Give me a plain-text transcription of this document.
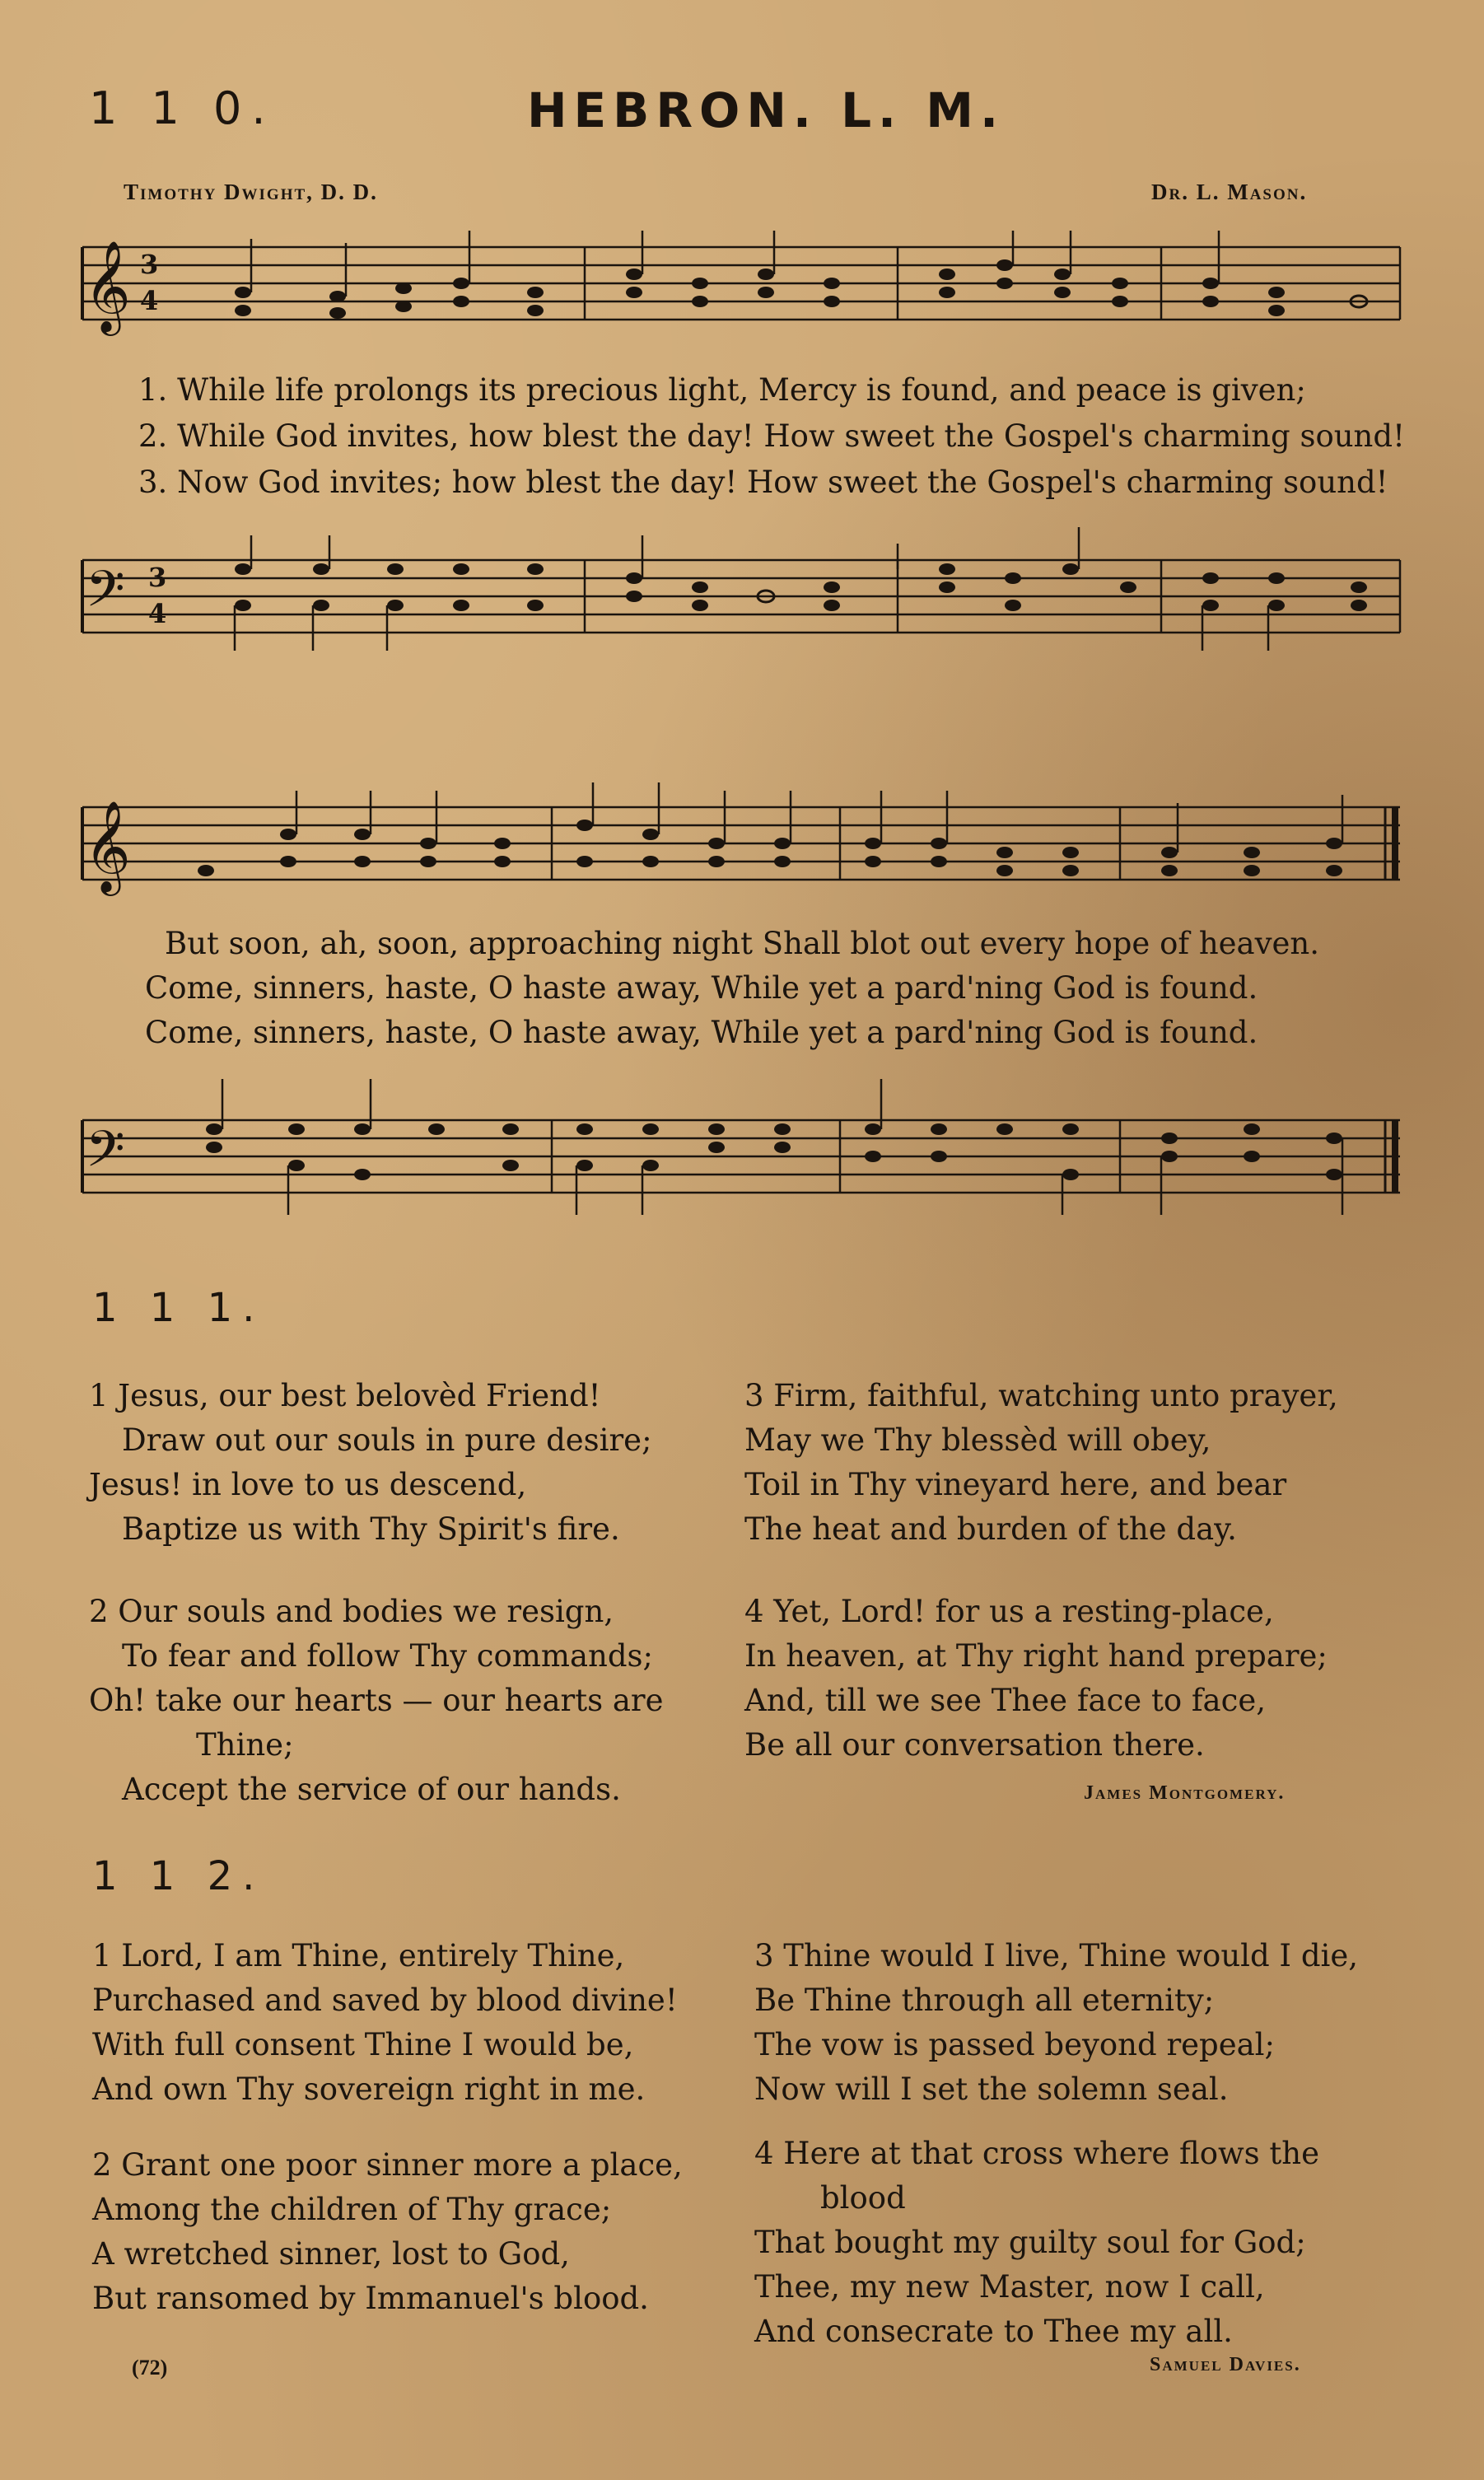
1 1 0.	HEBRON. L. M.
Timothy Dwight, D. D.	Dr. L. Mason.
𝄞 3
4
1. While life prolongs its precious light, Mercy is found, and peace is given;
2. While God invites, how blest the day! How sweet the Gospel's charming sound!
3. Now God invites; how blest the day! How sweet the Gospel's charming sound!
𝄢 3
4
𝄞
But soon, ah, soon, approaching night Shall blot out every hope of heaven.
Come, sinners, haste, O haste away, While yet a pard'ning God is found.
Come, sinners, haste, O haste away, While yet a pard'ning God is found.
𝄢
1 1 1.
1 Jesus, our best belovèd Friend!
Draw out our souls in pure desire;
Jesus! in love to us descend,
Baptize us with Thy Spirit's fire.
2 Our souls and bodies we resign,
To fear and follow Thy commands;
Oh! take our hearts — our hearts are
Thine;
Accept the service of our hands.
3 Firm, faithful, watching unto prayer,
May we Thy blessèd will obey,
Toil in Thy vineyard here, and bear
The heat and burden of the day.
4 Yet, Lord! for us a resting-place,
In heaven, at Thy right hand prepare;
And, till we see Thee face to face,
Be all our conversation there.
James Montgomery.
1 1 2.
1 Lord, I am Thine, entirely Thine,
Purchased and saved by blood divine!
With full consent Thine I would be,
And own Thy sovereign right in me.
2 Grant one poor sinner more a place,
Among the children of Thy grace;
A wretched sinner, lost to God,
But ransomed by Immanuel's blood.
3 Thine would I live, Thine would I die,
Be Thine through all eternity;
The vow is passed beyond repeal;
Now will I set the solemn seal.
4 Here at that cross where flows the
blood
That bought my guilty soul for God;
Thee, my new Master, now I call,
And consecrate to Thee my all.
(72)	Samuel Davies.
